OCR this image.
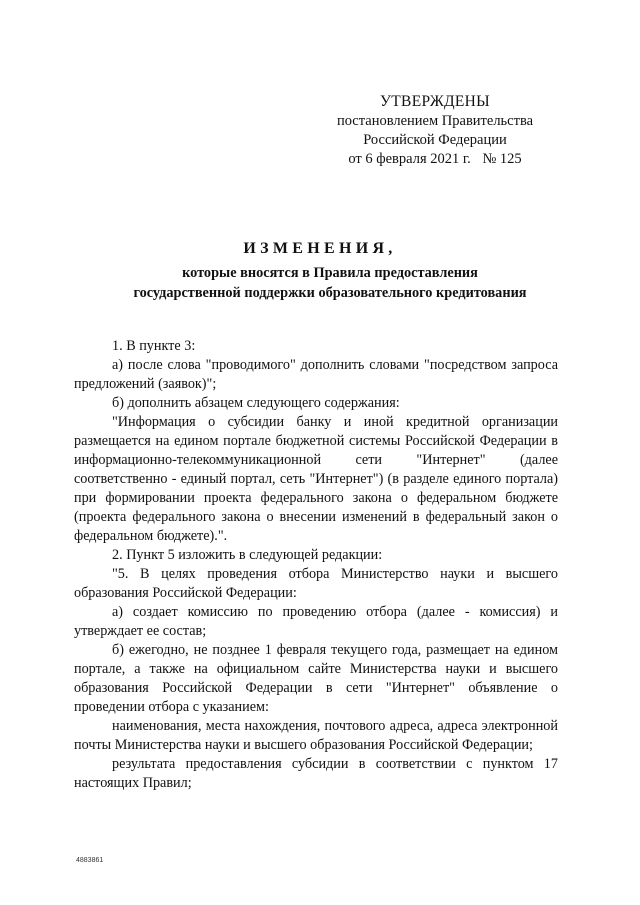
УТВЕРЖДЕНЫ
постановлением Правительства
Российской Федерации
от 6 февраля 2021 г. № 125
ИЗМЕНЕНИЯ,
которые вносятся в Правила предоставления
государственной поддержки образовательного кредитования

1. В пункте 3:

а) после слова "проводимого" дополнить словами "посредством запроса предложений (заявок)";

б) дополнить абзацем следующего содержания:

"Информация о субсидии банку и иной кредитной организации размещается на едином портале бюджетной системы Российской Федерации в информационно-телекоммуникационной сети "Интернет" (далее соответственно - единый портал, сеть "Интернет") (в разделе единого портала) при формировании проекта федерального закона о федеральном бюджете (проекта федерального закона о внесении изменений в федеральный закон о федеральном бюджете).".

2. Пункт 5 изложить в следующей редакции:

"5. В целях проведения отбора Министерство науки и высшего образования Российской Федерации:

а) создает комиссию по проведению отбора (далее - комиссия) и утверждает ее состав;

б) ежегодно, не позднее 1 февраля текущего года, размещает на едином портале, а также на официальном сайте Министерства науки и высшего образования Российской Федерации в сети "Интернет" объявление о проведении отбора с указанием:

наименования, места нахождения, почтового адреса, адреса электронной почты Министерства науки и высшего образования Российской Федерации;

результата предоставления субсидии в соответствии с пунктом 17 настоящих Правил;

4883861
